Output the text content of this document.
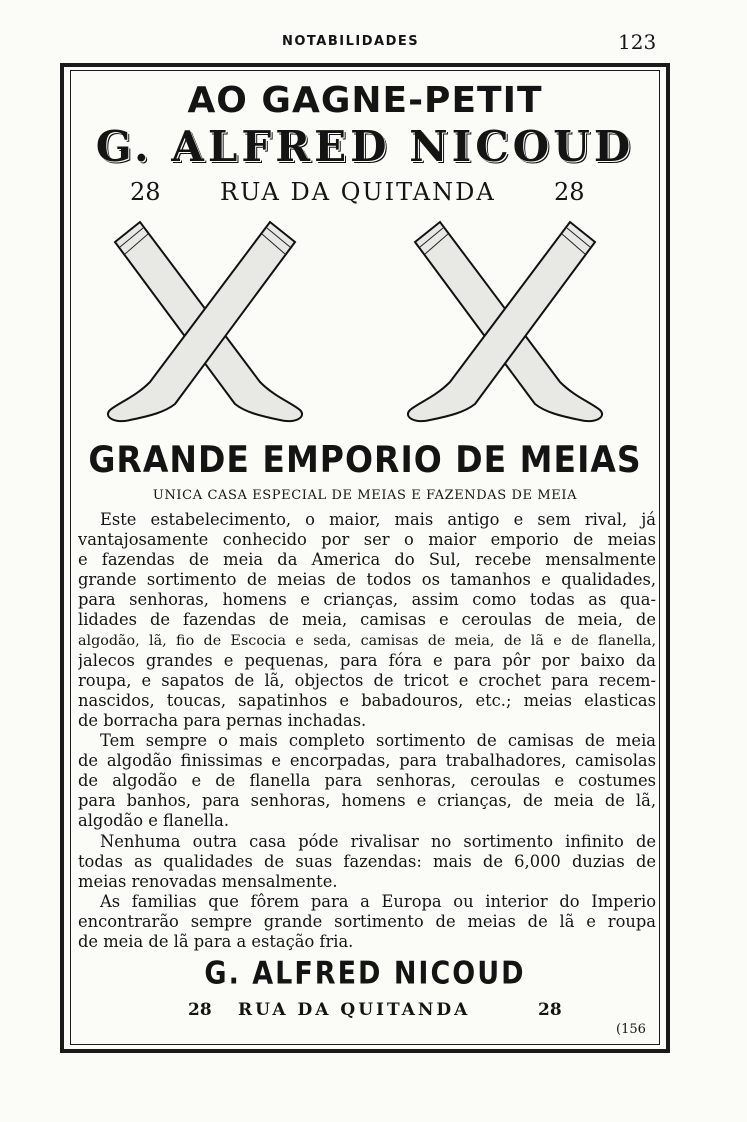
NOTABILIDADES	123
AO GAGNE-PETIT
G. ALFRED NICOUD
28 RUA DA QUITANDA 28
GRANDE EMPORIO DE MEIAS
UNICA CASA ESPECIAL DE MEIAS E FAZENDAS DE MEIA
Este estabelecimento, o maior, mais antigo e sem rival, já
vantajosamente conhecido por ser o maior emporio de meias
e fazendas de meia da America do Sul, recebe mensalmente
grande sortimento de meias de todos os tamanhos e qualidades,
para senhoras, homens e crianças, assim como todas as qua-
lidades de fazendas de meia, camisas e ceroulas de meia, de
algodão, lã, fio de Escocia e seda, camisas de meia, de lã e de flanella,
jalecos grandes e pequenas, para fóra e para pôr por baixo da
roupa, e sapatos de lã, objectos de tricot e crochet para recem-
nascidos, toucas, sapatinhos e babadouros, etc.; meias elasticas
de borracha para pernas inchadas.
Tem sempre o mais completo sortimento de camisas de meia
de algodão finissimas e encorpadas, para trabalhadores, camisolas
de algodão e de flanella para senhoras, ceroulas e costumes
para banhos, para senhoras, homens e crianças, de meia de lã,
algodão e flanella.
Nenhuma outra casa póde rivalisar no sortimento infinito de
todas as qualidades de suas fazendas: mais de 6,000 duzias de
meias renovadas mensalmente.
As familias que fôrem para a Europa ou interior do Imperio
encontrarão sempre grande sortimento de meias de lã e roupa
de meia de lã para a estação fria.
G. ALFRED NICOUD
28 RUA DA QUITANDA	28
(156
